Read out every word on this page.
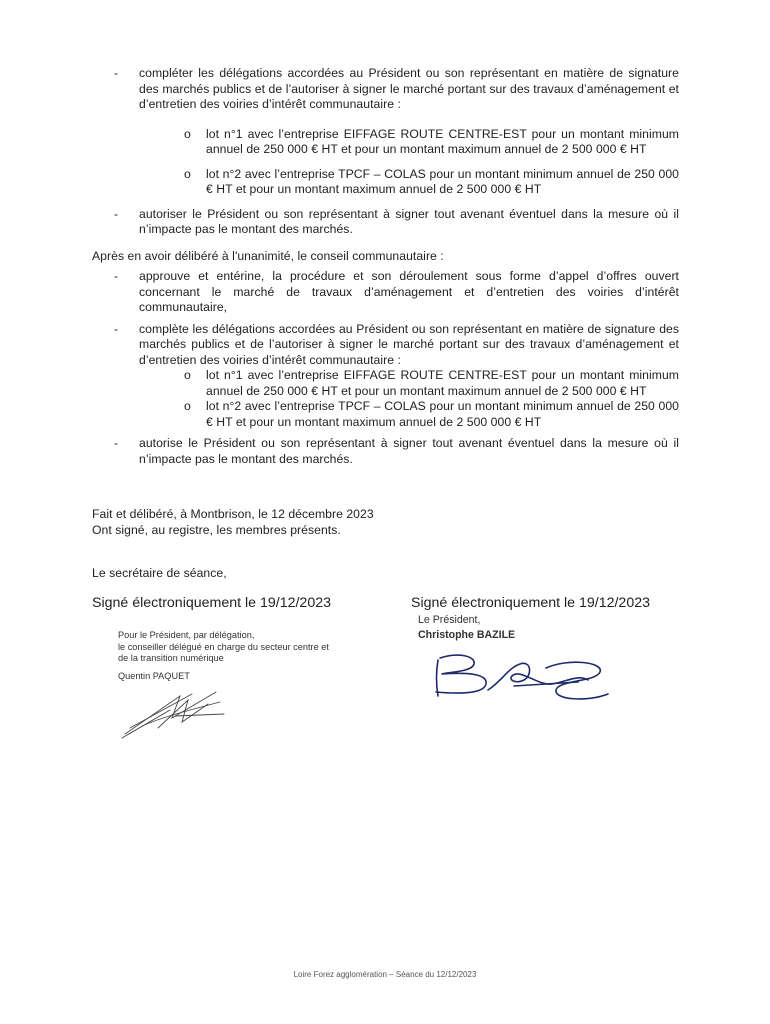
- compléter les délégations accordées au Président ou son représentant en matière de signature des marchés publics et de l’autoriser à signer le marché portant sur des travaux d’aménagement et d’entretien des voiries d’intérêt communautaire :
o lot n°1 avec l’entreprise EIFFAGE ROUTE CENTRE-EST pour un montant minimum annuel de 250 000 € HT et pour un montant maximum annuel de 2 500 000 € HT
o lot n°2 avec l’entreprise TPCF – COLAS pour un montant minimum annuel de 250 000 € HT et pour un montant maximum annuel de 2 500 000 € HT
- autoriser le Président ou son représentant à signer tout avenant éventuel dans la mesure où il n’impacte pas le montant des marchés.
Après en avoir délibéré à l'unanimité, le conseil communautaire :
- approuve et entérine, la procédure et son déroulement sous forme d’appel d’offres ouvert concernant le marché de travaux d’aménagement et d’entretien des voiries d’intérêt communautaire,
- complète les délégations accordées au Président ou son représentant en matière de signature des marchés publics et de l’autoriser à signer le marché portant sur des travaux d’aménagement et d’entretien des voiries d’intérêt communautaire :
o lot n°1 avec l’entreprise EIFFAGE ROUTE CENTRE-EST pour un montant minimum annuel de 250 000 € HT et pour un montant maximum annuel de 2 500 000 € HT
o lot n°2 avec l’entreprise TPCF – COLAS pour un montant minimum annuel de 250 000 € HT et pour un montant maximum annuel de 2 500 000 € HT
- autorise le Président ou son représentant à signer tout avenant éventuel dans la mesure où il n’impacte pas le montant des marchés.
Fait et délibéré, à Montbrison, le 12 décembre 2023
Ont signé, au registre, les membres présents.
Le secrétaire de séance,
Signé électroniquement le 19/12/2023
Pour le Président, par délégation,
le conseiller délégué en charge du secteur centre et
de la transition numérique
Quentin PAQUET
Signé électroniquement le 19/12/2023
Le Président,
Christophe BAZILE
Loire Forez agglomération – Séance du 12/12/2023
